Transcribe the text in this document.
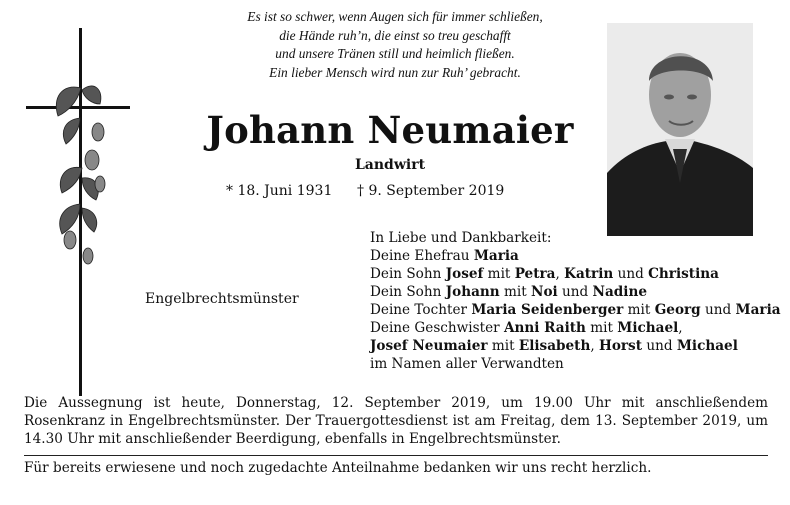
Es ist so schwer, wenn Augen sich für immer schließen,
die Hände ruh’n, die einst so treu geschafft
und unsere Tränen still und heimlich fließen.
Ein lieber Mensch wird nun zur Ruh’ gebracht.
Johann Neumaier
Landwirt
* 18. Juni 1931 † 9. September 2019
Engelbrechtsmünster
In Liebe und Dankbarkeit:
Deine Ehefrau Maria
Dein Sohn Josef mit Petra, Katrin und Christina
Dein Sohn Johann mit Noi und Nadine
Deine Tochter Maria Seidenberger mit Georg und Maria
Deine Geschwister Anni Raith mit Michael,
Josef Neumaier mit Elisabeth, Horst und Michael
im Namen aller Verwandten
Die Aussegnung ist heute, Donnerstag, 12. September 2019, um 19.00 Uhr mit anschließendem Rosenkranz in Engelbrechtsmünster. Der Trauergottesdienst ist am Freitag, dem 13. September 2019, um 14.30 Uhr mit anschließender Beerdigung, ebenfalls in Engelbrechtsmünster.
Für bereits erwiesene und noch zugedachte Anteilnahme bedanken wir uns recht herzlich.
